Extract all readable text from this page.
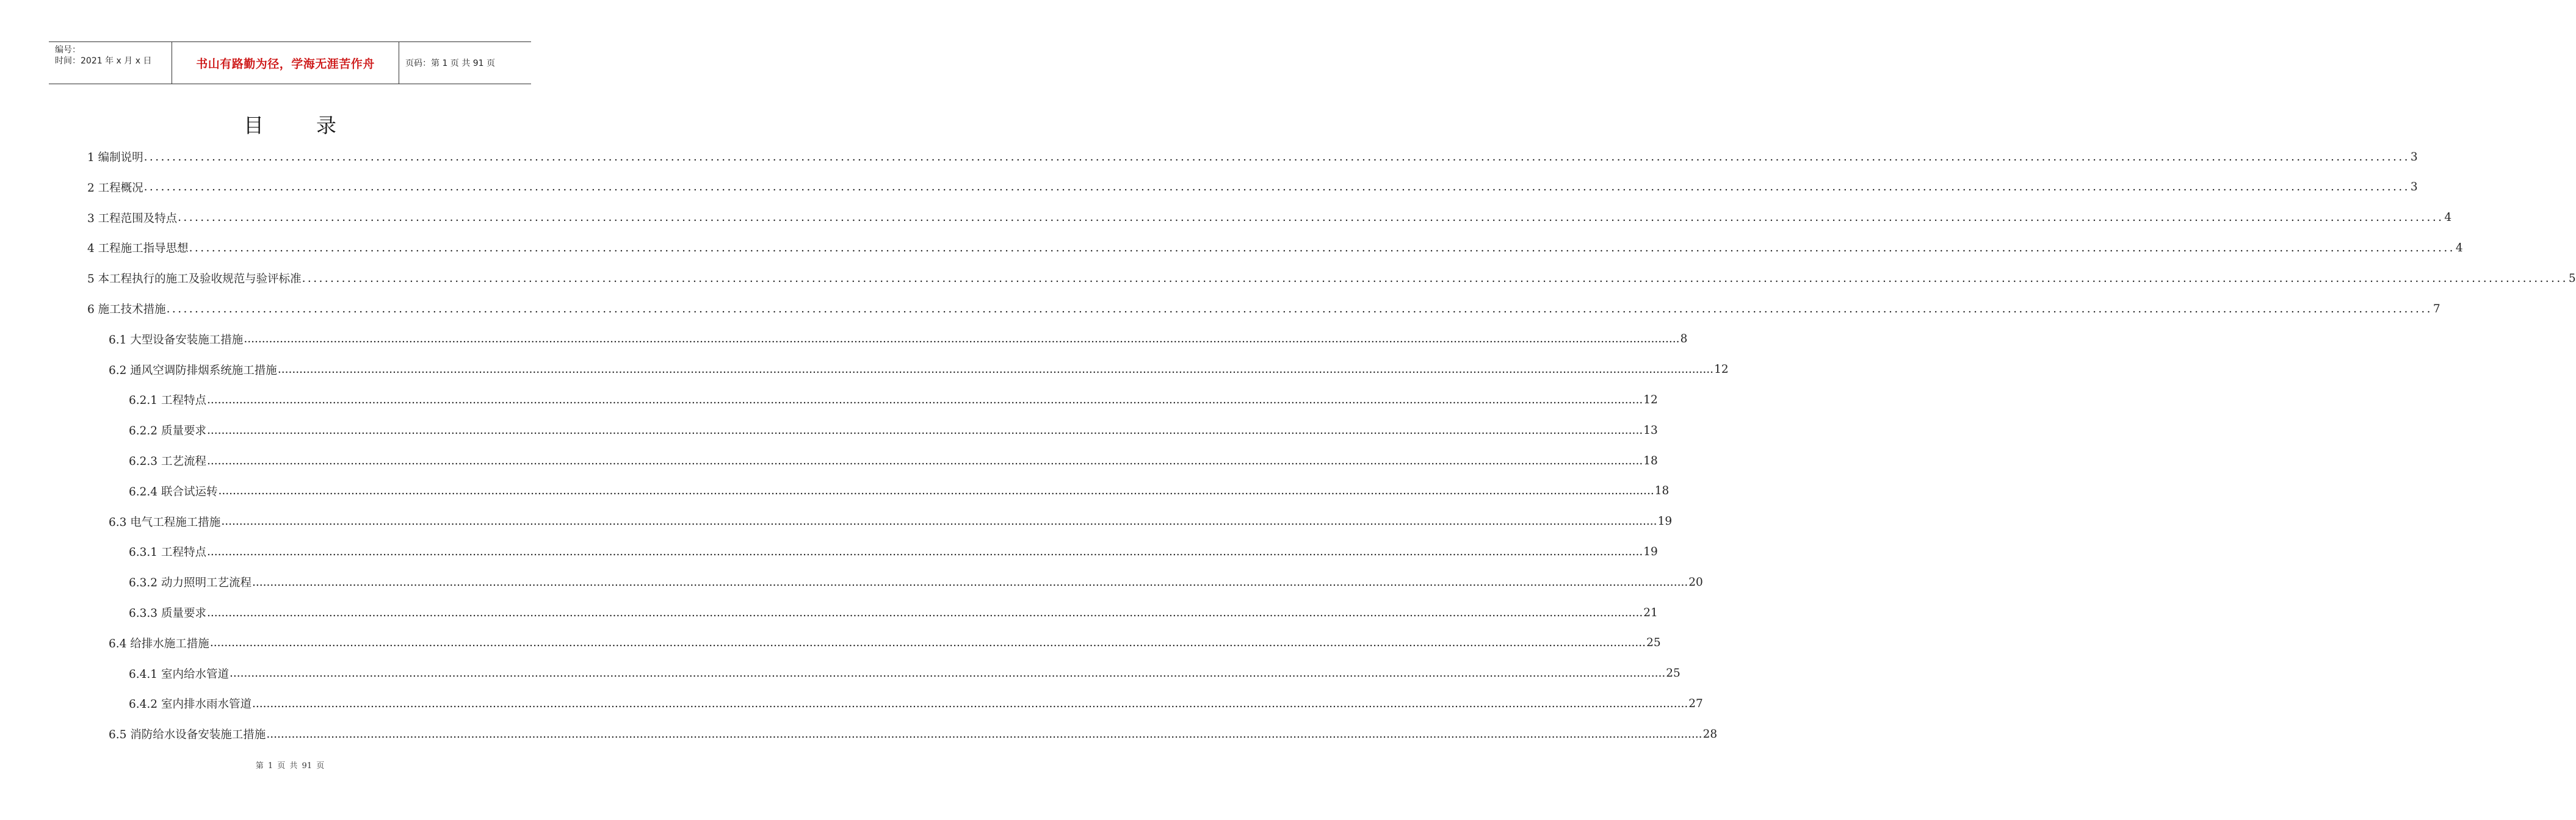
编号：
时间：2021 年 x 月 x 日	书山有路勤为径，学海无涯苦作舟	页码：第 1 页 共 91 页
目录
1 编制说明 ................................................................................................................................................................................................................................................................................................................................................................................................................ 3
2 工程概况 ................................................................................................................................................................................................................................................................................................................................................................................................................ 3
3 工程范围及特点 ................................................................................................................................................................................................................................................................................................................................................................................................................ 4
4 工程施工指导思想 ................................................................................................................................................................................................................................................................................................................................................................................................................ 4
5 本工程执行的施工及验收规范与验评标准 ................................................................................................................................................................................................................................................................................................................................................................................................................ 5
6 施工技术措施 ................................................................................................................................................................................................................................................................................................................................................................................................................ 7
6.1 大型设备安装施工措施 ................................................................................................................................................................................................................................................................................................................................................................................................................ 8
6.2 通风空调防排烟系统施工措施 ................................................................................................................................................................................................................................................................................................................................................................................................................ 12
6.2.1 工程特点 ................................................................................................................................................................................................................................................................................................................................................................................................................ 12
6.2.2 质量要求 ................................................................................................................................................................................................................................................................................................................................................................................................................ 13
6.2.3 工艺流程 ................................................................................................................................................................................................................................................................................................................................................................................................................ 18
6.2.4 联合试运转 ................................................................................................................................................................................................................................................................................................................................................................................................................ 18
6.3 电气工程施工措施 ................................................................................................................................................................................................................................................................................................................................................................................................................ 19
6.3.1 工程特点 ................................................................................................................................................................................................................................................................................................................................................................................................................ 19
6.3.2 动力照明工艺流程 ................................................................................................................................................................................................................................................................................................................................................................................................................ 20
6.3.3 质量要求 ................................................................................................................................................................................................................................................................................................................................................................................................................ 21
6.4 给排水施工措施 ................................................................................................................................................................................................................................................................................................................................................................................................................ 25
6.4.1 室内给水管道 ................................................................................................................................................................................................................................................................................................................................................................................................................ 25
6.4.2 室内排水雨水管道 ................................................................................................................................................................................................................................................................................................................................................................................................................ 27
6.5 消防给水设备安装施工措施 ................................................................................................................................................................................................................................................................................................................................................................................................................ 28
第 1 页 共 91 页
